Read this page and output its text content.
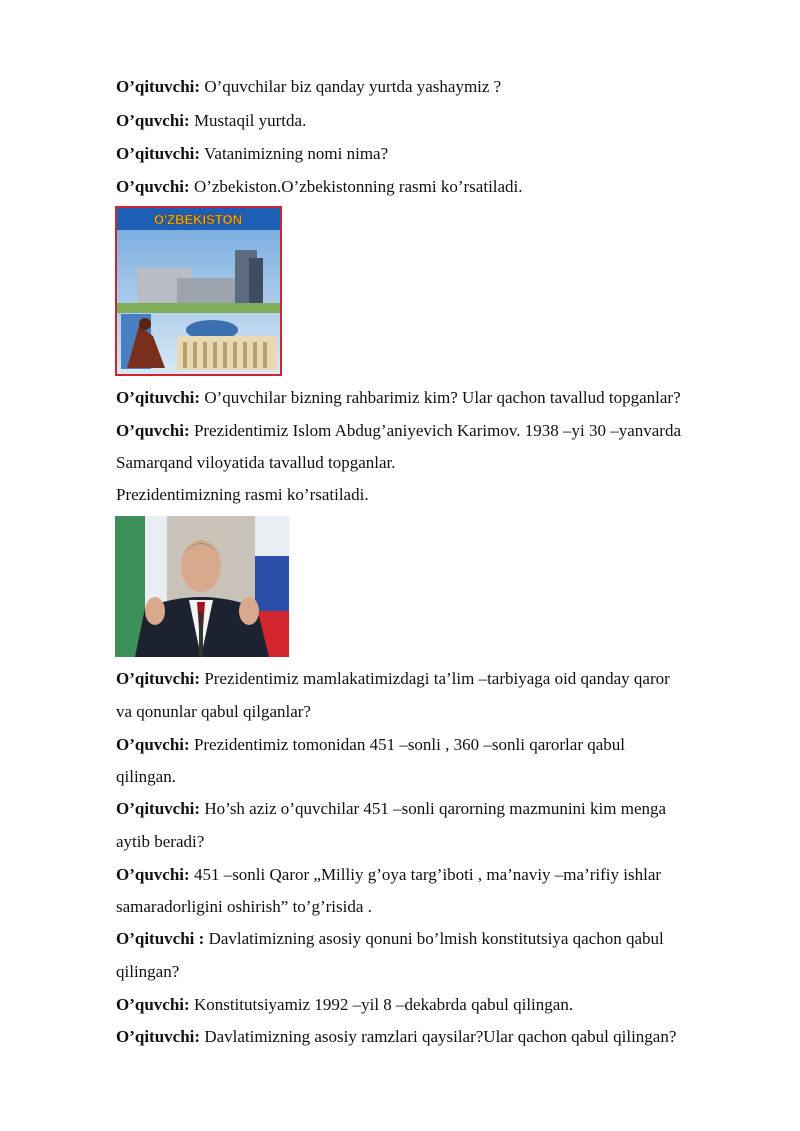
O’qituvchi: O’quvchilar biz qanday yurtda yashaymiz ?
O’quvchi: Mustaqil yurtda.
O’qituvchi: Vatanimizning nomi nima?
O’quvchi: O’zbekiston.O’zbekistonning rasmi ko’rsatiladi.
O'ZBEKISTON
O’qituvchi: O’quvchilar bizning rahbarimiz kim? Ular qachon tavallud topganlar?
O’quvchi: Prezidentimiz Islom Abdug’aniyevich Karimov. 1938 –yi 30 –yanvarda
Samarqand viloyatida tavallud topganlar.
Prezidentimizning rasmi ko’rsatiladi.
O’qituvchi: Prezidentimiz mamlakatimizdagi ta’lim –tarbiyaga oid qanday qaror
va qonunlar qabul qilganlar?
O’quvchi: Prezidentimiz tomonidan 451 –sonli , 360 –sonli qarorlar qabul
qilingan.
O’qituvchi: Ho’sh aziz o’quvchilar 451 –sonli qarorning mazmunini kim menga
aytib beradi?
O’quvchi: 451 –sonli Qaror „Milliy g’oya targ’iboti , ma’naviy –ma’rifiy ishlar
samaradorligini oshirish” to’g’risida .
O’qituvchi : Davlatimizning asosiy qonuni bo’lmish konstitutsiya qachon qabul
qilingan?
O’quvchi: Konstitutsiyamiz 1992 –yil 8 –dekabrda qabul qilingan.
O’qituvchi: Davlatimizning asosiy ramzlari qaysilar?Ular qachon qabul qilingan?
